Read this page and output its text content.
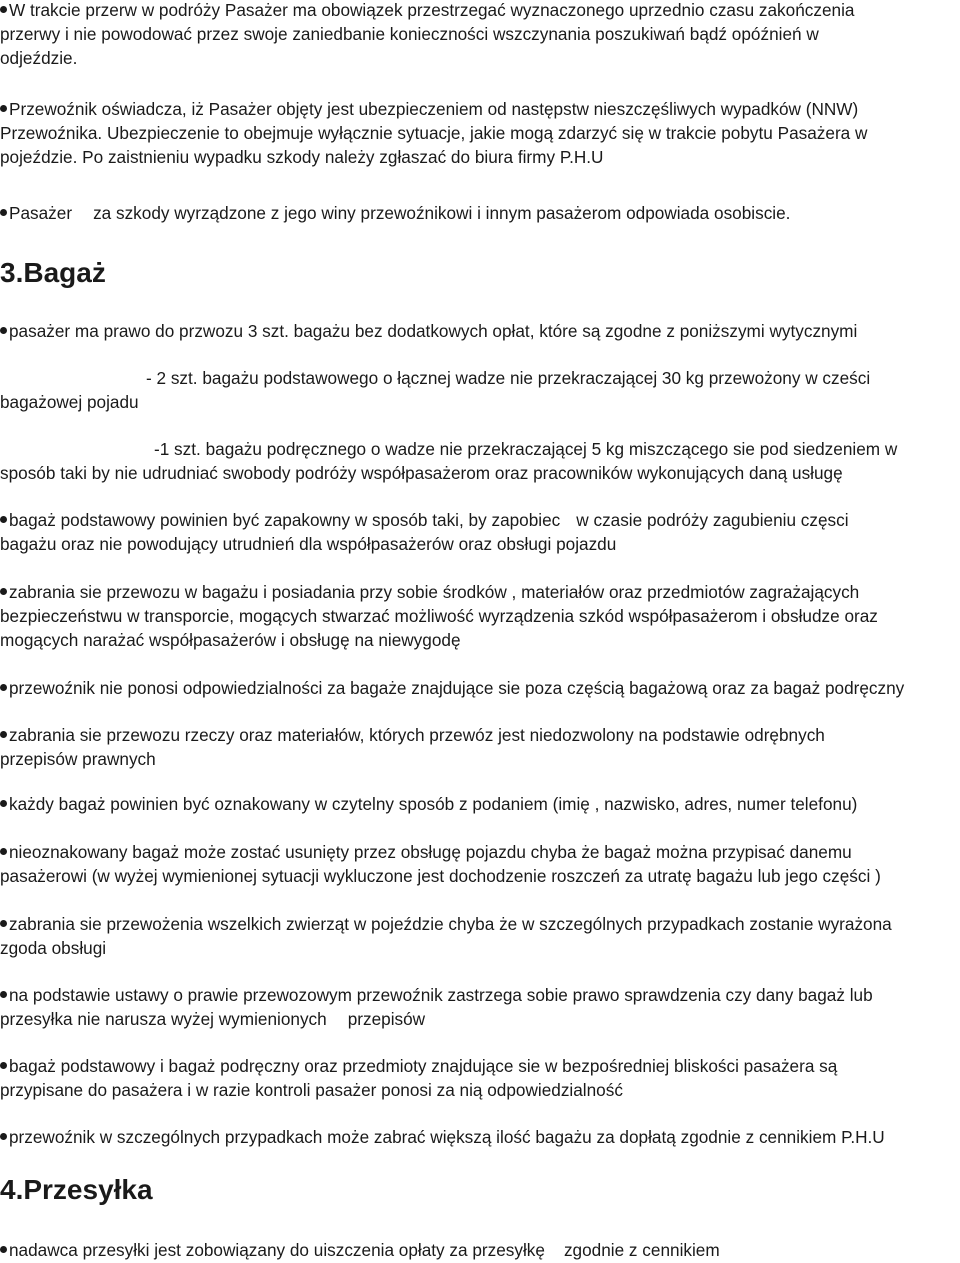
W trakcie przerw w podróży Pasażer ma obowiązek przestrzegać wyznaczonego uprzednio czasu zakończenia
przerwy i nie powodować przez swoje zaniedbanie konieczności wszczynania poszukiwań bądź opóźnień w
odjeździe.
Przewoźnik oświadcza, iż Pasażer objęty jest ubezpieczeniem od następstw nieszczęśliwych wypadków (NNW)
Przewoźnika. Ubezpieczenie to obejmuje wyłącznie sytuacje, jakie mogą zdarzyć się w trakcie pobytu Pasażera w
pojeździe. Po zaistnieniu wypadku szkody należy zgłaszać do biura firmy P.H.U
Pasażer za szkody wyrządzone z jego winy przewoźnikowi i innym pasażerom odpowiada osobiscie.
3.Bagaż
pasażer ma prawo do przwozu 3 szt. bagażu bez dodatkowych opłat, które są zgodne z poniższymi wytycznymi
- 2 szt. bagażu podstawowego o łącznej wadze nie przekraczającej 30 kg przewożony w cześci
bagażowej pojadu
-1 szt. bagażu podręcznego o wadze nie przekraczającej 5 kg miszczącego sie pod siedzeniem w
sposób taki by nie udrudniać swobody podróży współpasażerom oraz pracowników wykonujących daną usługę
bagaż podstawowy powinien być zapakowny w sposób taki, by zapobiec w czasie podróży zagubieniu częsci
bagażu oraz nie powodujący utrudnień dla współpasażerów oraz obsługi pojazdu
zabrania sie przewozu w bagażu i posiadania przy sobie środków , materiałów oraz przedmiotów zagrażających
bezpieczeństwu w transporcie, mogących stwarzać możliwość wyrządzenia szkód współpasażerom i obsłudze oraz
mogących narażać współpasażerów i obsługę na niewygodę
przewoźnik nie ponosi odpowiedzialności za bagaże znajdujące sie poza częścią bagażową oraz za bagaż podręczny
zabrania sie przewozu rzeczy oraz materiałów, których przewóz jest niedozwolony na podstawie odrębnych
przepisów prawnych
każdy bagaż powinien być oznakowany w czytelny sposób z podaniem (imię , nazwisko, adres, numer telefonu)
nieoznakowany bagaż może zostać usunięty przez obsługę pojazdu chyba że bagaż można przypisać danemu
pasażerowi (w wyżej wymienionej sytuacji wykluczone jest dochodzenie roszczeń za utratę bagażu lub jego części )
zabrania sie przewożenia wszelkich zwierząt w pojeździe chyba że w szczególnych przypadkach zostanie wyrażona
zgoda obsługi
na podstawie ustawy o prawie przewozowym przewoźnik zastrzega sobie prawo sprawdzenia czy dany bagaż lub
przesyłka nie narusza wyżej wymienionych przepisów
bagaż podstawowy i bagaż podręczny oraz przedmioty znajdujące sie w bezpośredniej bliskości pasażera są
przypisane do pasażera i w razie kontroli pasażer ponosi za nią odpowiedzialność
przewoźnik w szczególnych przypadkach może zabrać większą ilość bagażu za dopłatą zgodnie z cennikiem P.H.U
4.Przesyłka
nadawca przesyłki jest zobowiązany do uiszczenia opłaty za przesyłkę zgodnie z cennikiem
